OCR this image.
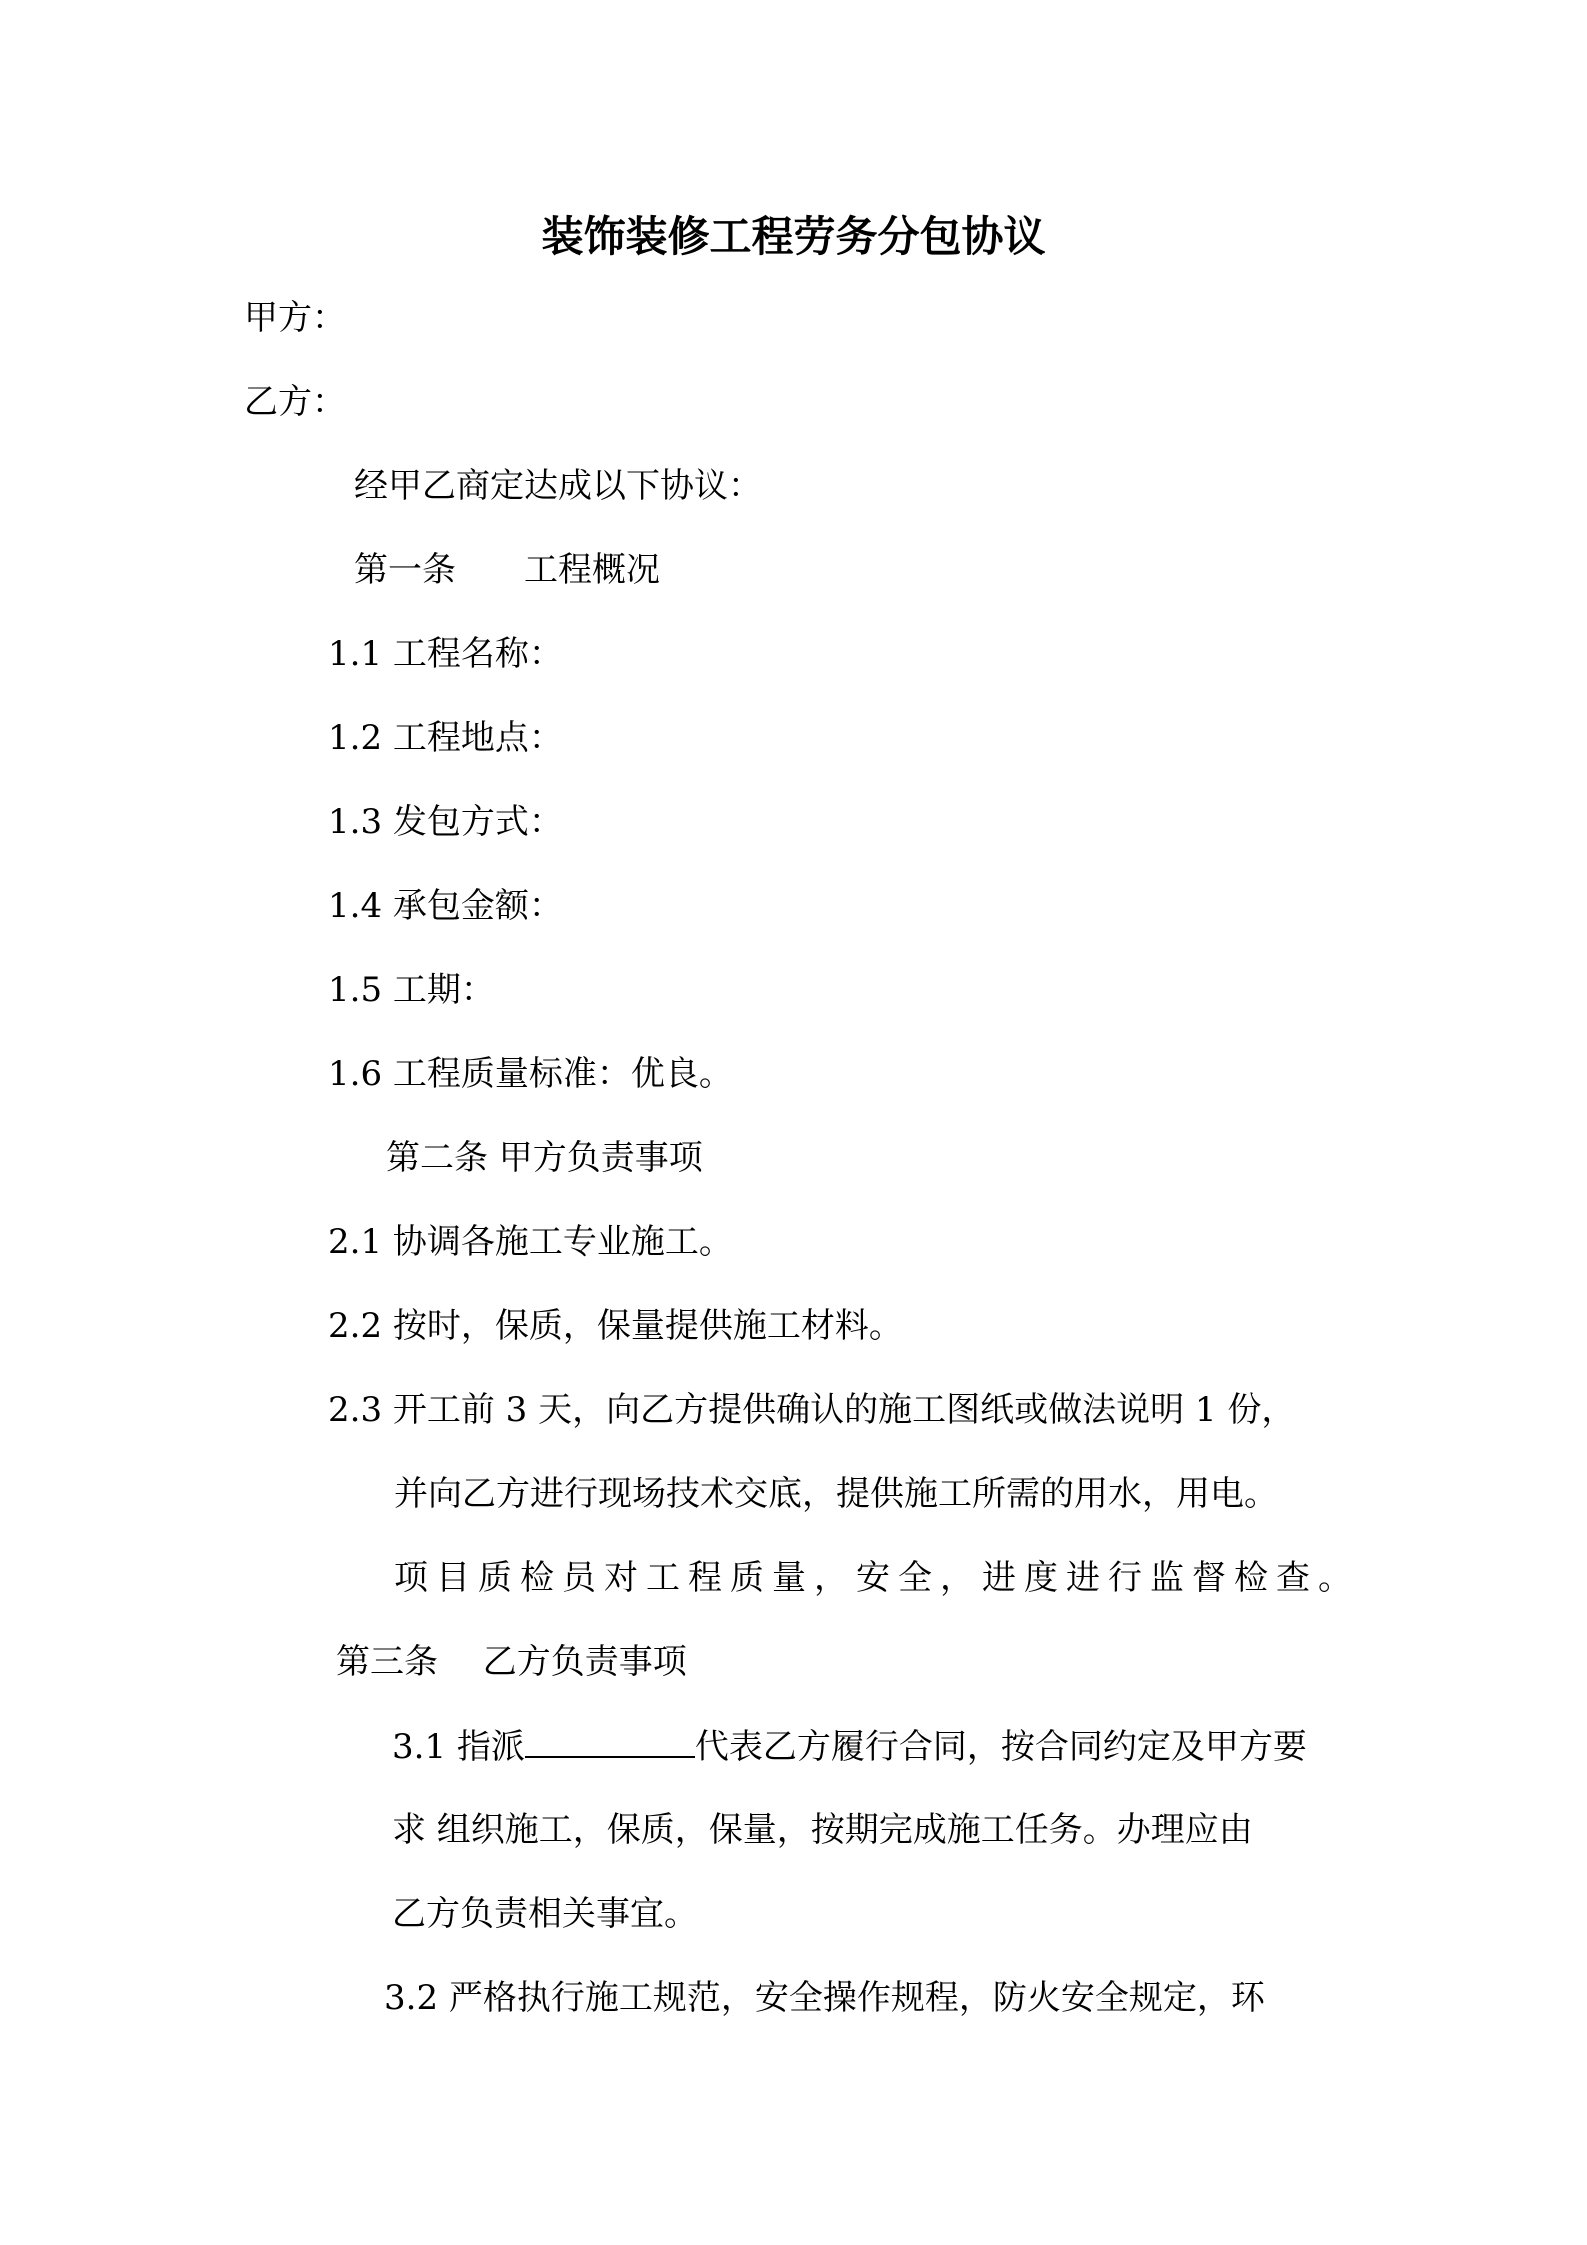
装饰装修工程劳务分包协议
甲方：
乙方：
经甲乙商定达成以下协议：
第一条　　工程概况
1.1 工程名称：
1.2 工程地点：
1.3 发包方式：
1.4 承包金额：
1.5 工期：
1.6 工程质量标准：优良。
第二条 甲方负责事项
2.1 协调各施工专业施工。
2.2 按时，保质，保量提供施工材料。
2.3 开工前 3 天，向乙方提供确认的施工图纸或做法说明 1 份，
并向乙方进行现场技术交底，提供施工所需的用水，用电。
项目质检员对工程质量，安全，进度进行监督检查。
第三条　 乙方负责事项
3.1 指派	代表乙方履行合同，按合同约定及甲方要
求 组织施工，保质，保量，按期完成施工任务。办理应由
乙方负责相关事宜。
3.2 严格执行施工规范，安全操作规程，防火安全规定，环
